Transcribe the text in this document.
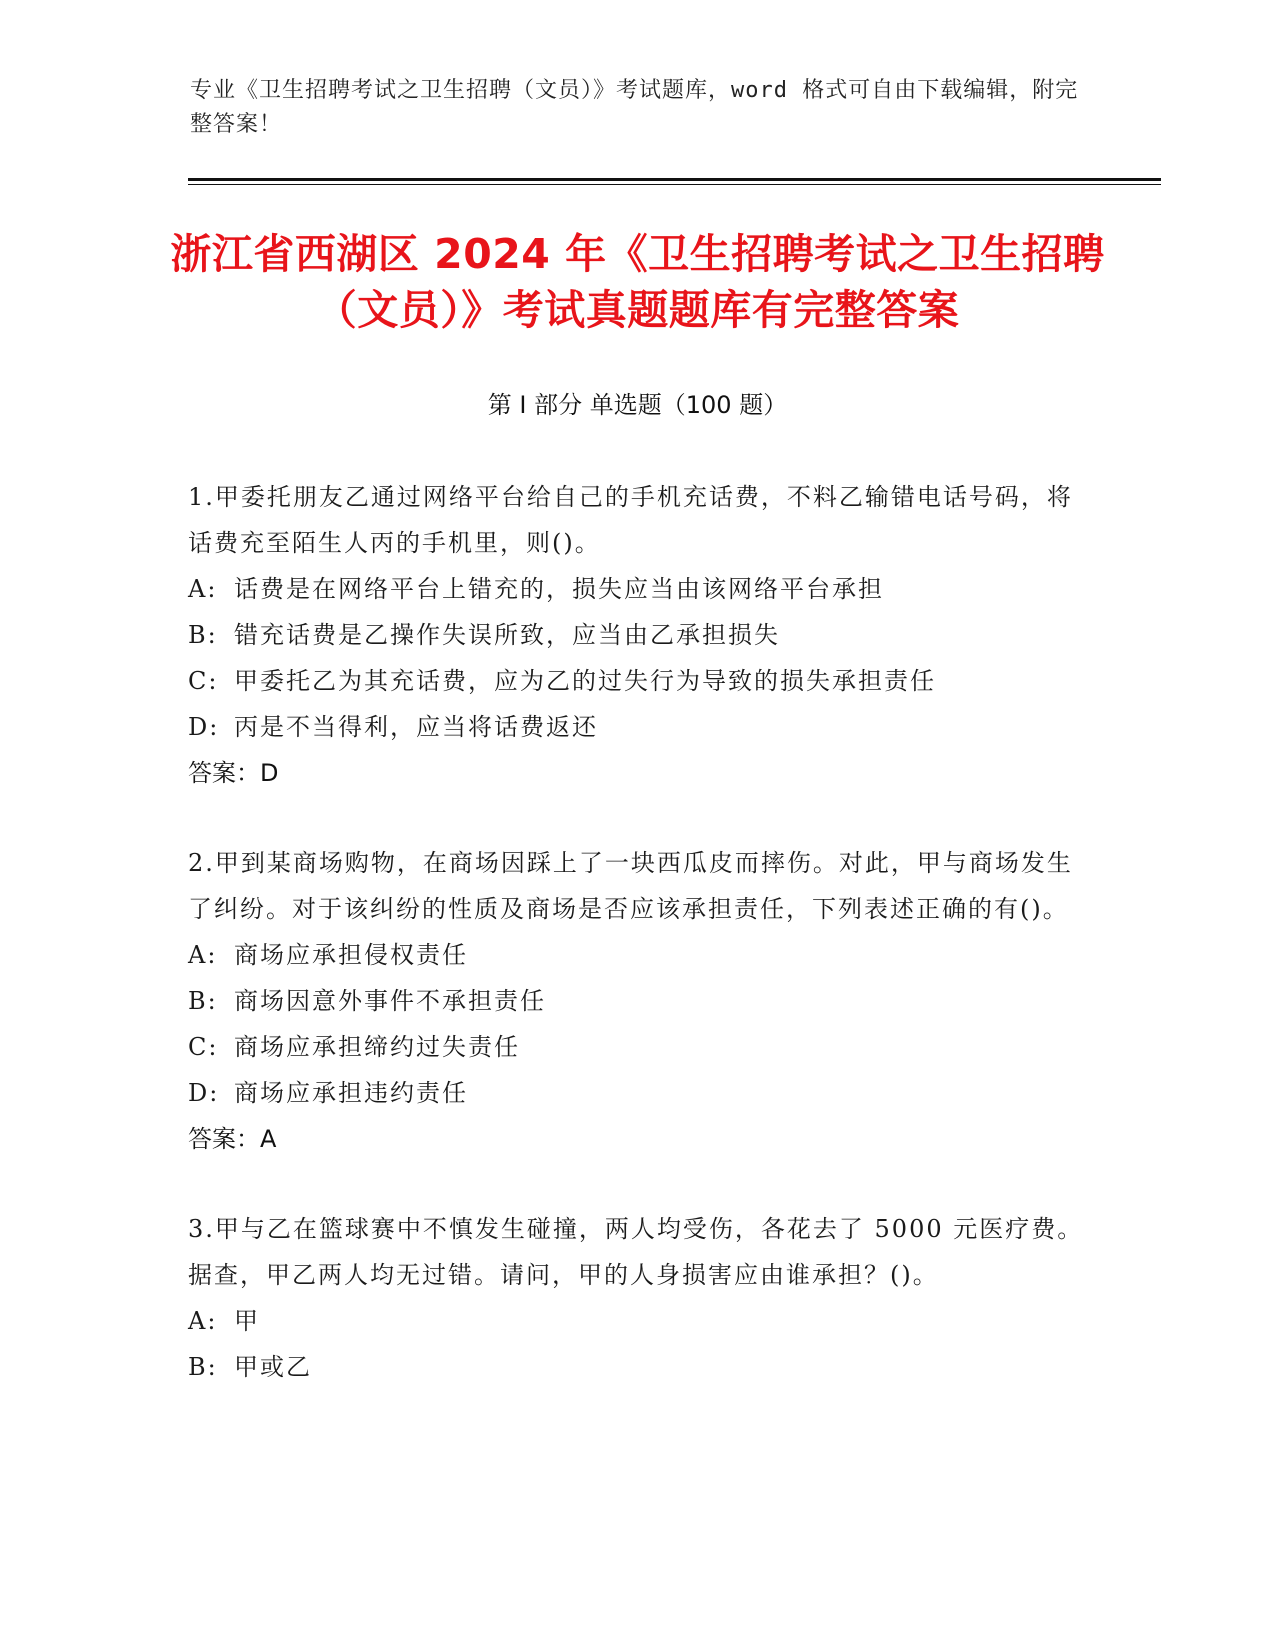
专业《卫生招聘考试之卫生招聘（文员）》考试题库，word 格式可自由下载编辑，附完整答案！
浙江省西湖区 2024 年《卫生招聘考试之卫生招聘（文员）》考试真题题库有完整答案
第 I 部分 单选题（100 题）
1.甲委托朋友乙通过网络平台给自己的手机充话费，不料乙输错电话号码，将话费充至陌生人丙的手机里，则()。
A: 话费是在网络平台上错充的，损失应当由该网络平台承担
B: 错充话费是乙操作失误所致，应当由乙承担损失
C: 甲委托乙为其充话费，应为乙的过失行为导致的损失承担责任
D: 丙是不当得利，应当将话费返还
答案：D
2.甲到某商场购物，在商场因踩上了一块西瓜皮而摔伤。对此，甲与商场发生了纠纷。对于该纠纷的性质及商场是否应该承担责任，下列表述正确的有()。
A: 商场应承担侵权责任
B: 商场因意外事件不承担责任
C: 商场应承担缔约过失责任
D: 商场应承担违约责任
答案：A
3.甲与乙在篮球赛中不慎发生碰撞，两人均受伤，各花去了 5000 元医疗费。据查，甲乙两人均无过错。请问，甲的人身损害应由谁承担？()。
A: 甲
B: 甲或乙
